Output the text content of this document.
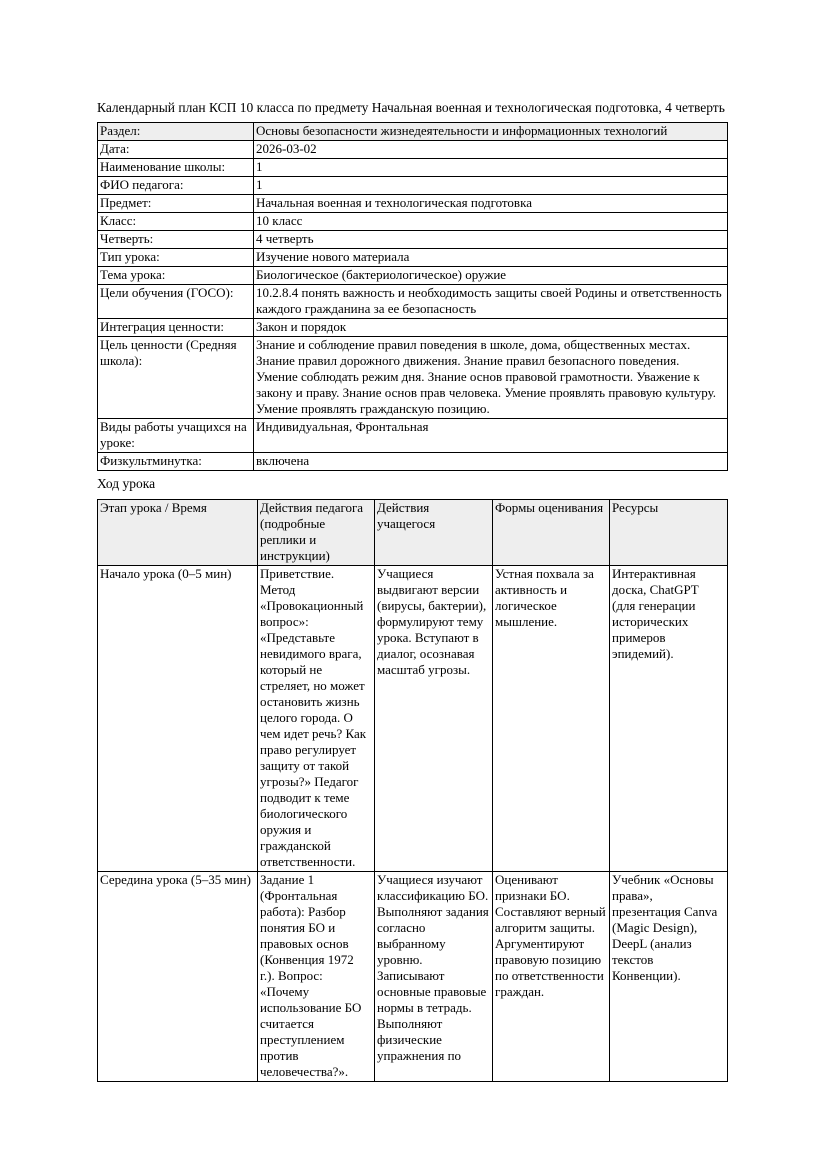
Календарный план КСП 10 класса по предмету Начальная военная и технологическая подготовка, 4 четверть

Раздел:	Основы безопасности жизнедеятельности и информационных технологий
Дата:	2026-03-02
Наименование школы:	1
ФИО педагога:	1
Предмет:	Начальная военная и технологическая подготовка
Класс:	10 класс
Четверть:	4 четверть
Тип урока:	Изучение нового материала
Тема урока:	Биологическое (бактериологическое) оружие
Цели обучения (ГОСО):	10.2.8.4 понять важность и необходимость защиты своей Родины и ответственность каждого гражданина за ее безопасность
Интеграция ценности:	Закон и порядок
Цель ценности (Средняя школа):	Знание и соблюдение правил поведения в школе, дома, общественных местах. Знание правил дорожного движения. Знание правил безопасного поведения. Умение соблюдать режим дня. Знание основ правовой грамотности. Уважение к закону и праву. Знание основ прав человека. Умение проявлять правовую культуру. Умение проявлять гражданскую позицию.
Виды работы учащихся на уроке:	Индивидуальная, Фронтальная
Физкультминутка:	включена

Ход урока

Этап урока / Время	Действия педагога (подробные реплики и инструкции)	Действия учащегося	Формы оценивания	Ресурсы

Начало урока (0–5 мин)	Приветствие. Метод «Провокационный вопрос»: «Представьте невидимого врага, который не стреляет, но может остановить жизнь целого города. О чем идет речь? Как право регулирует защиту от такой угрозы?» Педагог подводит к теме биологического оружия и гражданской ответственности.	Учащиеся выдвигают версии (вирусы, бактерии), формулируют тему урока. Вступают в диалог, осознавая масштаб угрозы.	Устная похвала за активность и логическое мышление.	Интерактивная доска, ChatGPT (для генерации исторических примеров эпидемий).

Середина урока (5–35 мин)	Задание 1 (Фронтальная работа): Разбор понятия БО и правовых основ (Конвенция 1972 г.). Вопрос: «Почему использование БО считается преступлением против человечества?».	Учащиеся изучают классификацию БО. Выполняют задания согласно выбранному уровню. Записывают основные правовые нормы в тетрадь. Выполняют физические упражнения по	Оценивают признаки БО. Составляют верный алгоритм защиты. Аргументируют правовую позицию по ответственности граждан.	Учебник «Основы права», презентация Canva (Magic Design), DeepL (анализ текстов Конвенции).
